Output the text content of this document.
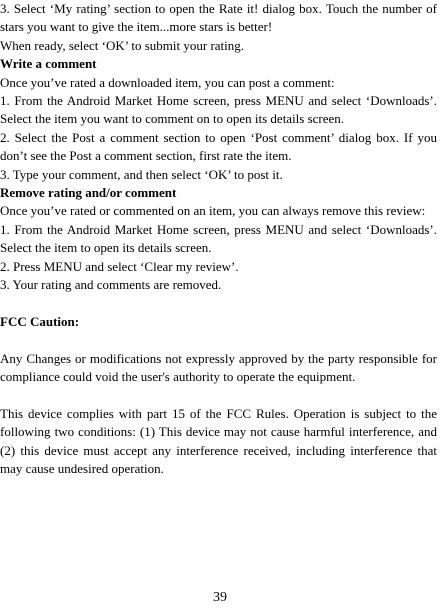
3. Select ‘My rating’ section to open the Rate it! dialog box. Touch the number of stars you want to give the item...more stars is better!

When ready, select ‘OK’ to submit your rating.

Write a comment

Once you’ve rated a downloaded item, you can post a comment:

1. From the Android Market Home screen, press MENU and select ‘Downloads’. Select the item you want to comment on to open its details screen.

2. Select the Post a comment section to open ‘Post comment’ dialog box. If you don’t see the Post a comment section, first rate the item.

3. Type your comment, and then select ‘OK’ to post it.

Remove rating and/or comment

Once you’ve rated or commented on an item, you can always remove this review:

1. From the Android Market Home screen, press MENU and select ‘Downloads’. Select the item to open its details screen.

2. Press MENU and select ‘Clear my review’.

3. Your rating and comments are removed.

FCC Caution:

Any Changes or modifications not expressly approved by the party responsible for compliance could void the user's authority to operate the equipment.

This device complies with part 15 of the FCC Rules. Operation is subject to the following two conditions: (1) This device may not cause harmful interference, and (2) this device must accept any interference received, including interference that may cause undesired operation.

39
